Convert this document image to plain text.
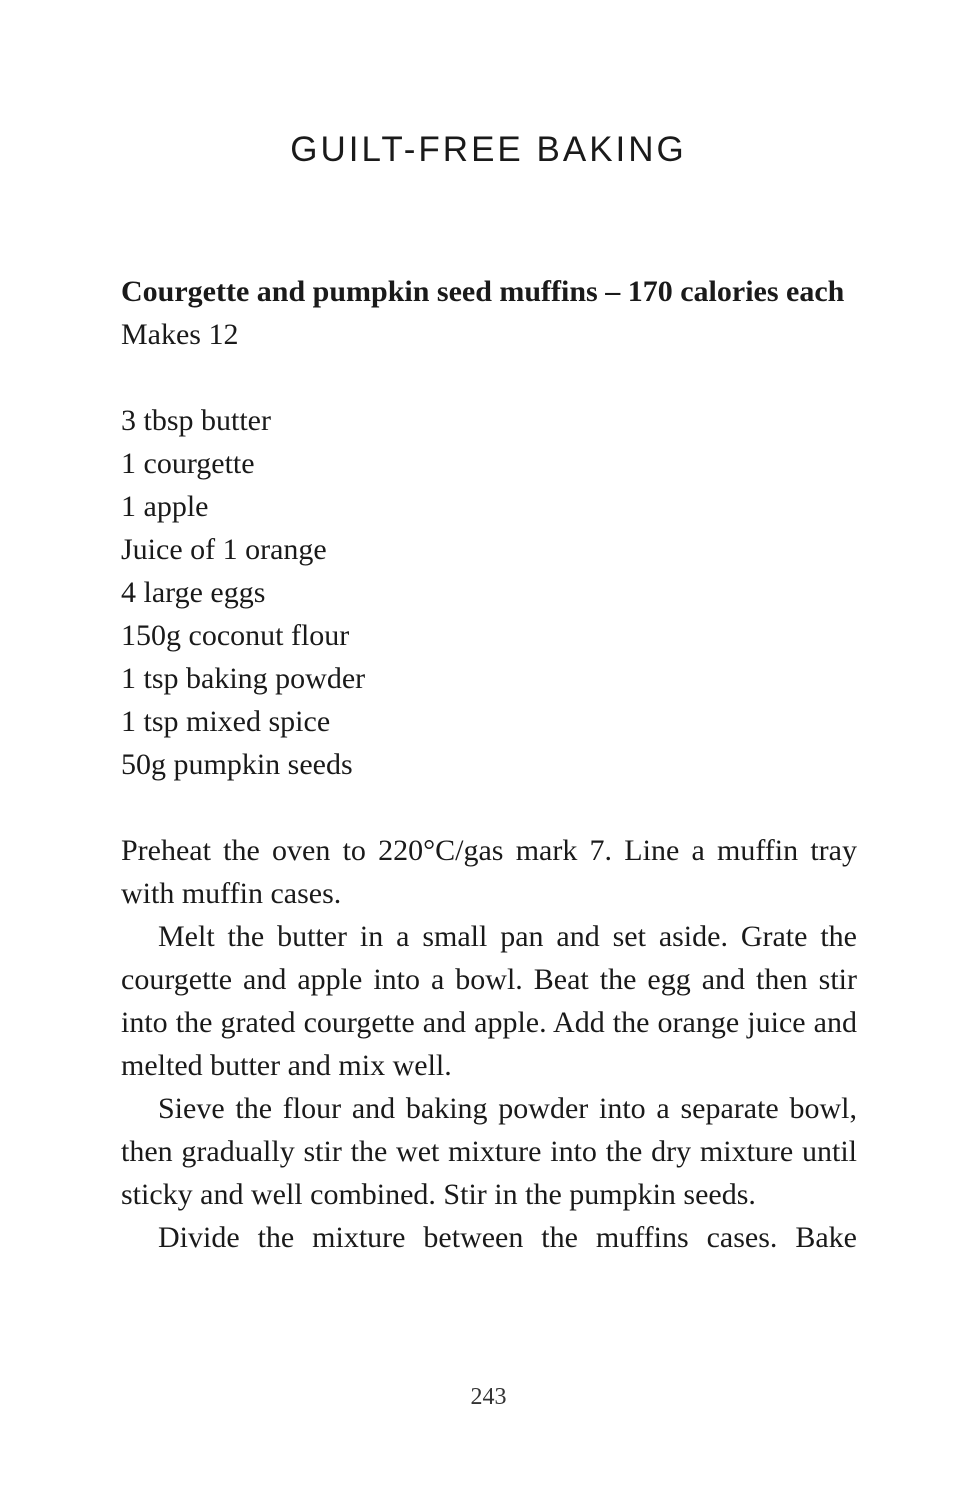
GUILT-FREE BAKING

Courgette and pumpkin seed muffins – 170 calories each

Makes 12

3 tbsp butter
1 courgette
1 apple
Juice of 1 orange
4 large eggs
150g coconut flour
1 tsp baking powder
1 tsp mixed spice
50g pumpkin seeds

Preheat the oven to 220°C/gas mark 7. Line a muffin tray with muffin cases.

Melt the butter in a small pan and set aside. Grate the courgette and apple into a bowl. Beat the egg and then stir into the grated courgette and apple. Add the orange juice and melted butter and mix well.

Sieve the flour and baking powder into a separate bowl, then gradually stir the wet mixture into the dry mixture until sticky and well combined. Stir in the pumpkin seeds.

Divide the mixture between the muffins cases. Bake

243
